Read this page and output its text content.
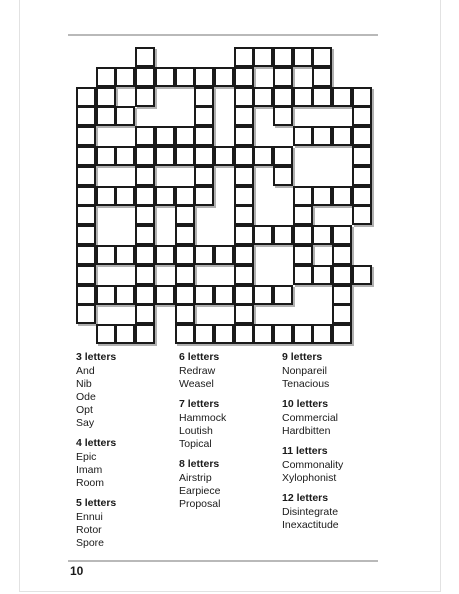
3 letters
And
Nib
Ode
Opt
Say
4 letters
Epic
Imam
Room
5 letters
Ennui
Rotor
Spore
6 letters
Redraw
Weasel
7 letters
Hammock
Loutish
Topical
8 letters
Airstrip
Earpiece
Proposal
9 letters
Nonpareil
Tenacious
10 letters
Commercial
Hardbitten
11 letters
Commonality
Xylophonist
12 letters
Disintegrate
Inexactitude
10
